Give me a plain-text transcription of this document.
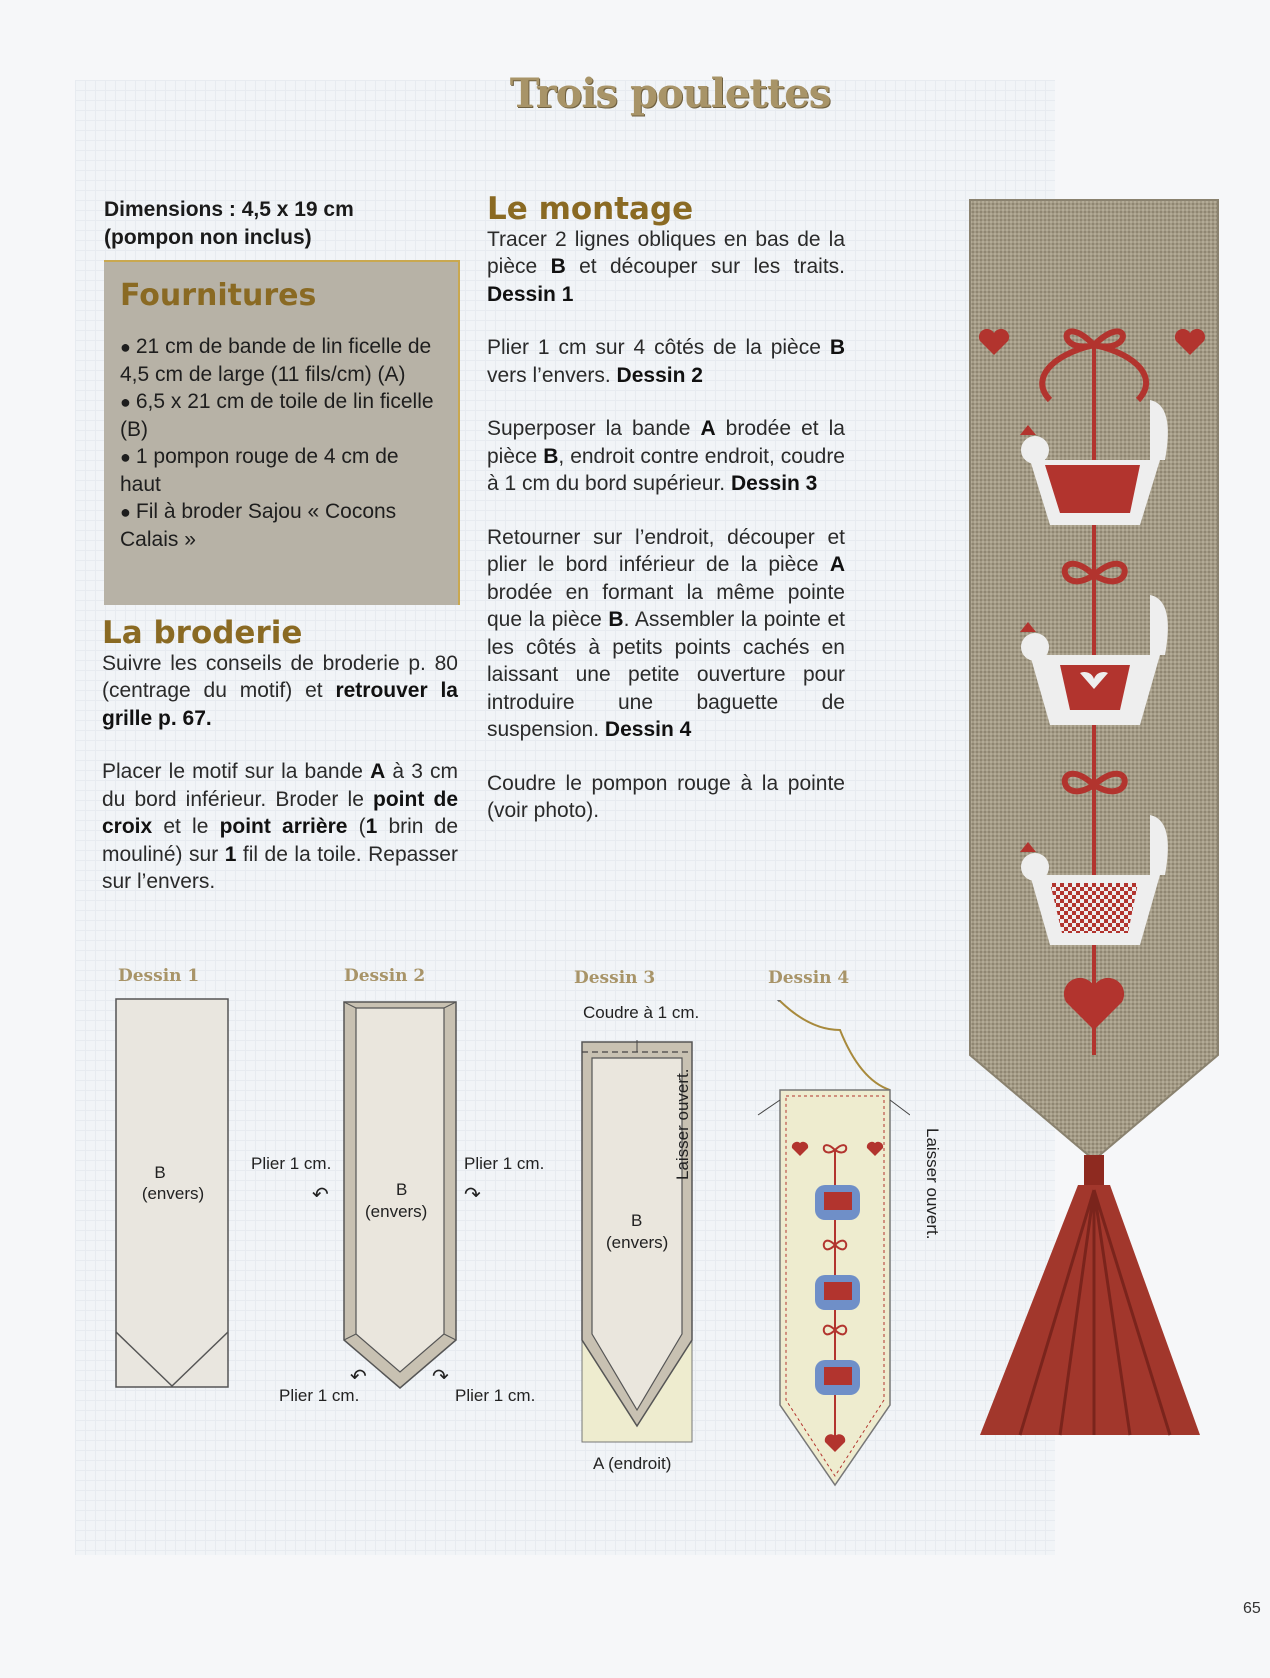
Trois poulettes
Dimensions : 4,5 x 19 cm
(pompon non inclus)
Fournitures
● 21 cm de bande de lin ficelle de 4,5 cm de large (11 fils/cm) (A)
● 6,5 x 21 cm de toile de lin ficelle (B)
● 1 pompon rouge de 4 cm de haut
● Fil à broder Sajou « Cocons Calais »
La broderie

Suivre les conseils de broderie p. 80 (centrage du motif) et retrouver la grille p. 67.

Placer le motif sur la bande A à 3 cm du bord inférieur. Broder le point de croix et le point arrière (1 brin de mouliné) sur 1 fil de la toile. Repasser sur l’envers.

Le montage

Tracer 2 lignes obliques en bas de la pièce B et découper sur les traits. Dessin 1

Plier 1 cm sur 4 côtés de la pièce B vers l’envers. Dessin 2

Superposer la bande A brodée et la pièce B, endroit contre endroit, coudre à 1 cm du bord supérieur. Dessin 3

Retourner sur l’endroit, découper et plier le bord inférieur de la pièce A brodée en formant la même pointe que la pièce B. Assembler la pointe et les côtés à petits points cachés en laissant une petite ouverture pour introduire une baguette de suspension. Dessin 4

Coudre le pompon rouge à la pointe (voir photo).

Dessin 1	Dessin 2	Dessin 3	Dessin 4
B
(envers)	B
(envers)
Plier 1 cm.	Plier 1 cm.
Plier 1 cm.	Plier 1 cm.
↶	↷
↶	↷
Coudre à 1 cm.
B
(envers)
A (endroit)
Laisser ouvert.
Laisser ouvert.
65
